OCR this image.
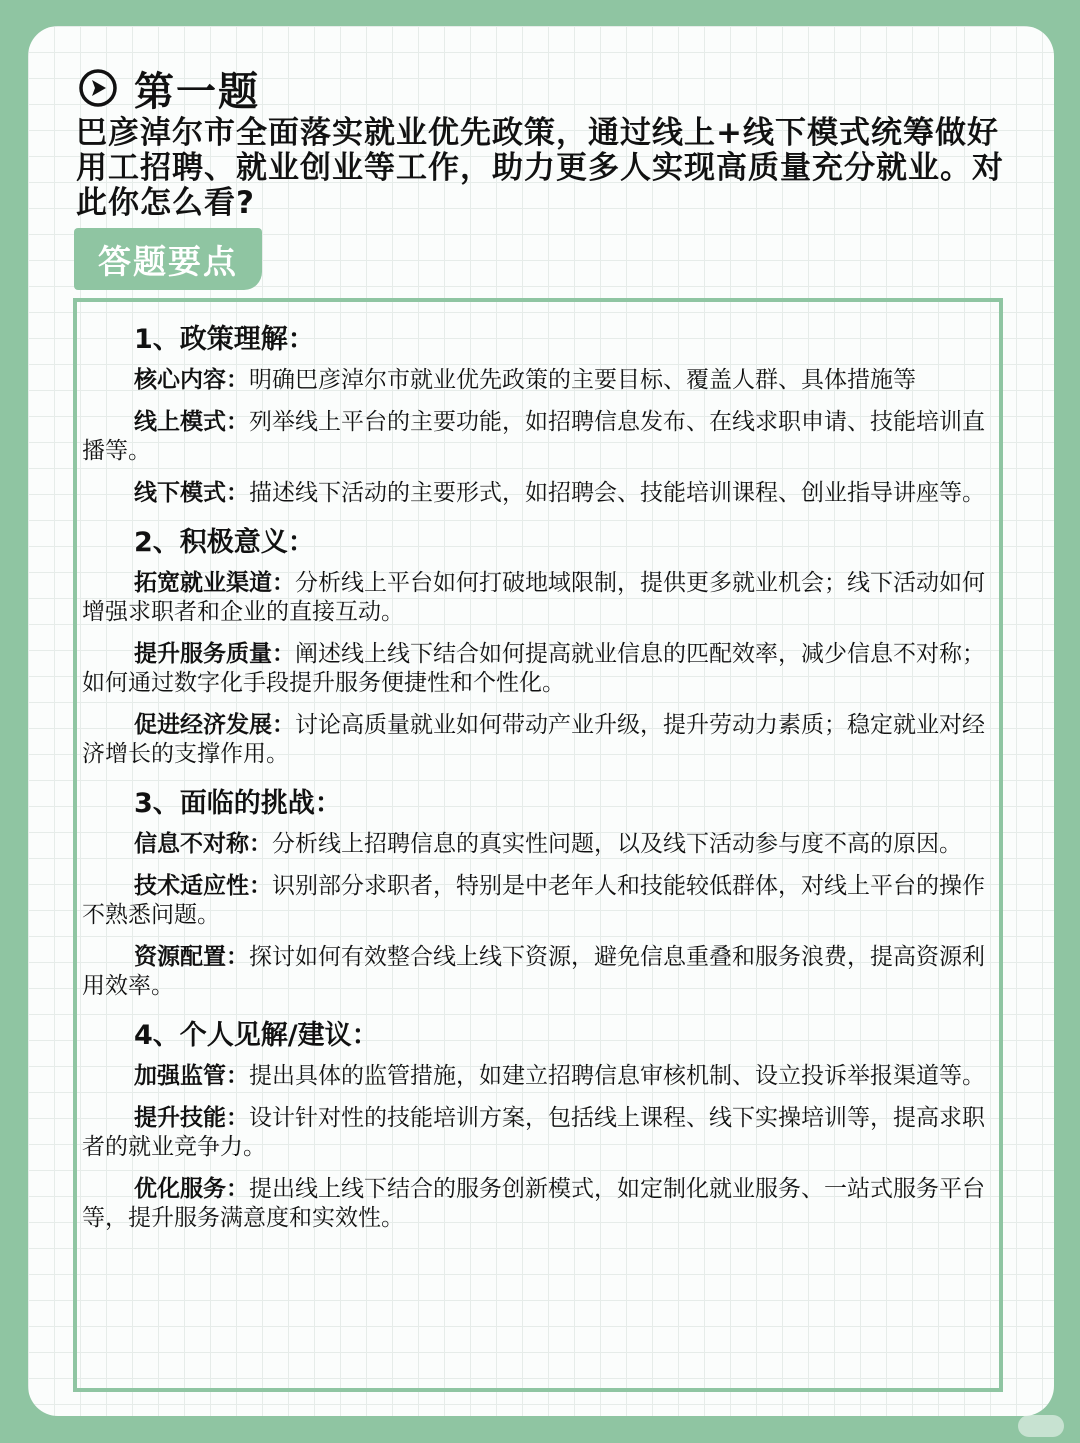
第一题
巴彦淖尔市全面落实就业优先政策，通过线上+线下模式统筹做好用工招聘、就业创业等工作，助力更多人实现高质量充分就业。对此你怎么看?
答题要点
1、政策理解：
核心内容：明确巴彦淖尔市就业优先政策的主要目标、覆盖人群、具体措施等
线上模式：列举线上平台的主要功能，如招聘信息发布、在线求职申请、技能培训直播等。
线下模式：描述线下活动的主要形式，如招聘会、技能培训课程、创业指导讲座等。
2、积极意义：
拓宽就业渠道：分析线上平台如何打破地域限制，提供更多就业机会；线下活动如何增强求职者和企业的直接互动。
提升服务质量：阐述线上线下结合如何提高就业信息的匹配效率，减少信息不对称；如何通过数字化手段提升服务便捷性和个性化。
促进经济发展：讨论高质量就业如何带动产业升级，提升劳动力素质；稳定就业对经济增长的支撑作用。
3、面临的挑战：
信息不对称：分析线上招聘信息的真实性问题，以及线下活动参与度不高的原因。
技术适应性：识别部分求职者，特别是中老年人和技能较低群体，对线上平台的操作不熟悉问题。
资源配置：探讨如何有效整合线上线下资源，避免信息重叠和服务浪费，提高资源利用效率。
4、个人见解/建议：
加强监管：提出具体的监管措施，如建立招聘信息审核机制、设立投诉举报渠道等。
提升技能：设计针对性的技能培训方案，包括线上课程、线下实操培训等，提高求职者的就业竞争力。
优化服务：提出线上线下结合的服务创新模式，如定制化就业服务、一站式服务平台等，提升服务满意度和实效性。
